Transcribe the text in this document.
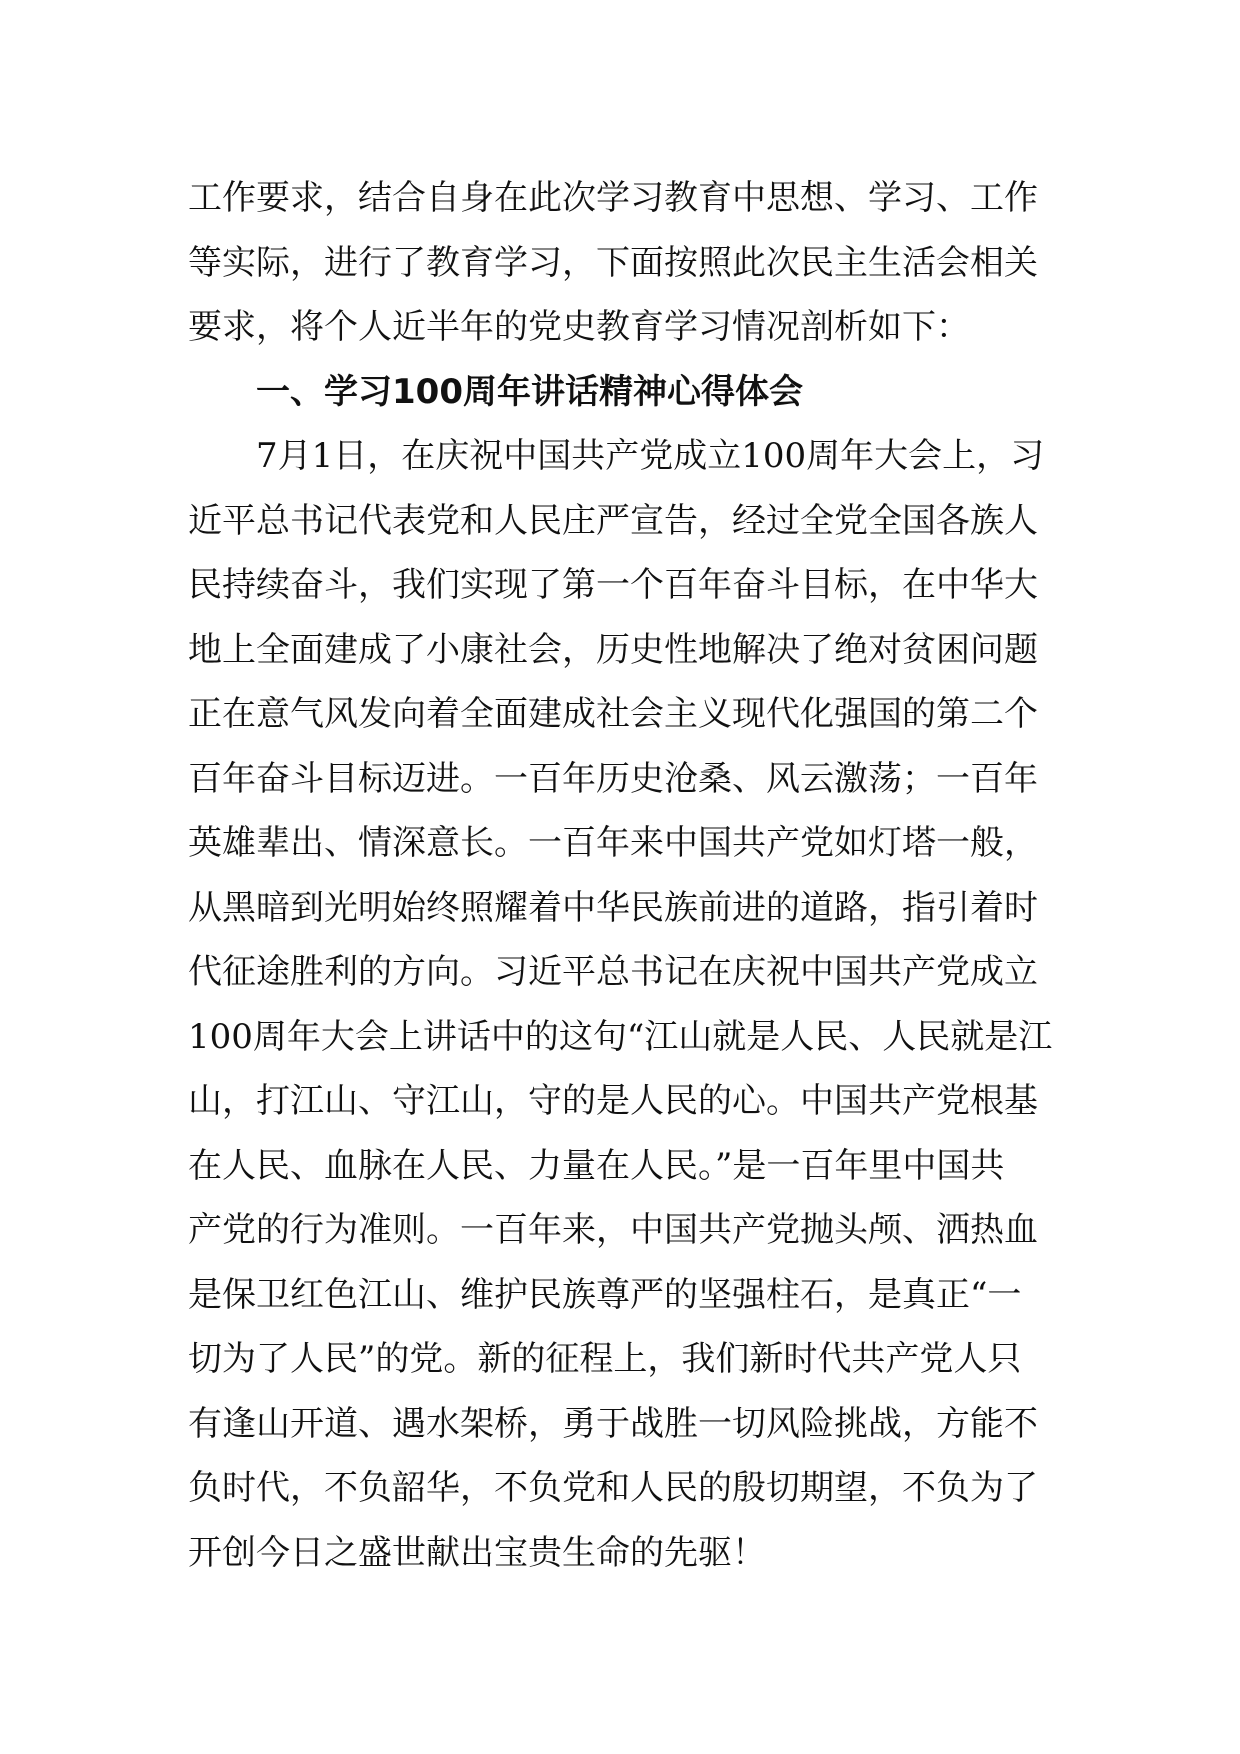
工作要求，结合自身在此次学习教育中思想、学习、工作
等实际，进行了教育学习，下面按照此次民主生活会相关
要求，将个人近半年的党史教育学习情况剖析如下：
一、学习100周年讲话精神心得体会
7月1日，在庆祝中国共产党成立100周年大会上，习
近平总书记代表党和人民庄严宣告，经过全党全国各族人
民持续奋斗，我们实现了第一个百年奋斗目标，在中华大
地上全面建成了小康社会，历史性地解决了绝对贫困问题
正在意气风发向着全面建成社会主义现代化强国的第二个
百年奋斗目标迈进。一百年历史沧桑、风云激荡；一百年
英雄辈出、情深意长。一百年来中国共产党如灯塔一般，
从黑暗到光明始终照耀着中华民族前进的道路，指引着时
代征途胜利的方向。习近平总书记在庆祝中国共产党成立
100周年大会上讲话中的这句“江山就是人民、人民就是江
山，打江山、守江山，守的是人民的心。中国共产党根基
在人民、血脉在人民、力量在人民。”是一百年里中国共
产党的行为准则。一百年来，中国共产党抛头颅、洒热血
是保卫红色江山、维护民族尊严的坚强柱石，是真正“一
切为了人民”的党。新的征程上，我们新时代共产党人只
有逢山开道、遇水架桥，勇于战胜一切风险挑战，方能不
负时代，不负韶华，不负党和人民的殷切期望，不负为了
开创今日之盛世献出宝贵生命的先驱！
